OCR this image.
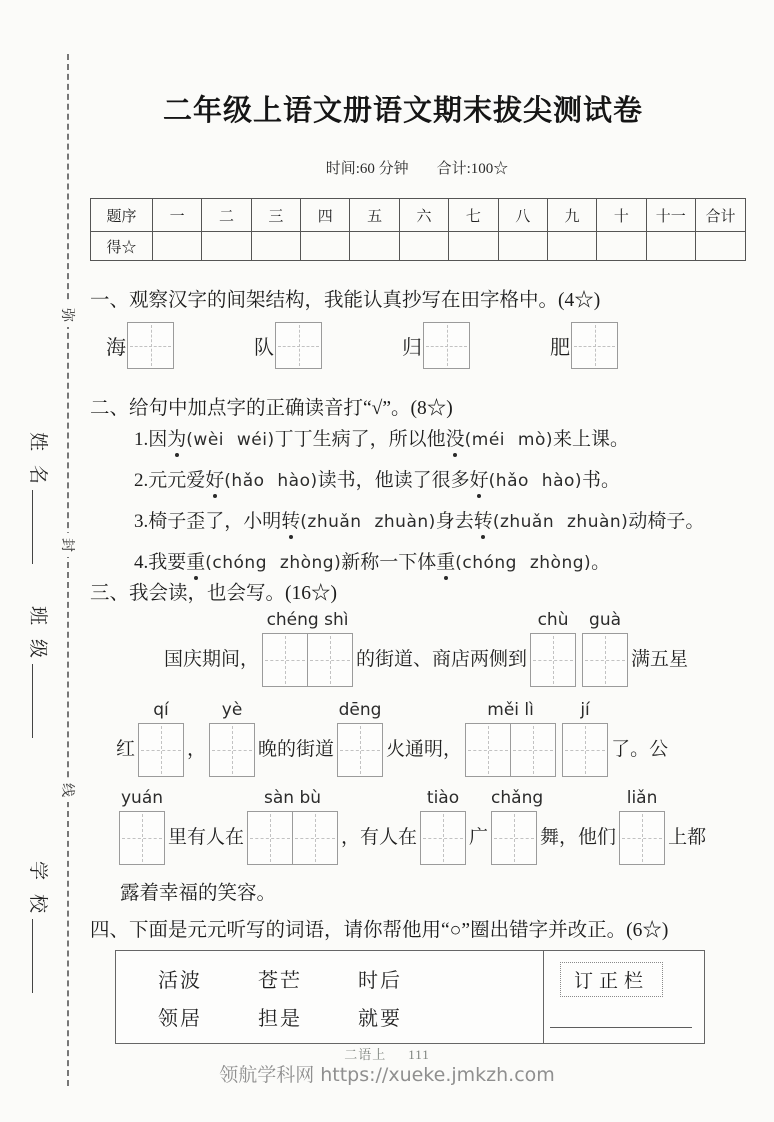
弥
封
线
姓名
班级
学校
二年级上语文册语文期末拔尖测试卷
时间:60 分钟 合计:100☆
题序	一	二	三	四	五	六	七	八	九	十	十一	合计
得☆												
一、观察汉字的间架结构，我能认真抄写在田字格中。(4☆)
海	队	归	肥
二、给句中加点字的正确读音打“√”。(8☆)
1.因为(wèi wéi)丁丁生病了，所以他没(méi mò)来上课。
2.元元爱好(hǎo hào)读书，他读了很多好(hǎo hào)书。
3.椅子歪了，小明转(zhuǎn zhuàn)身去转(zhuǎn zhuàn)动椅子。
4.我要重(chóng zhòng)新称一下体重(chóng zhòng)。
三、我会读，也会写。(16☆)
国庆期间，
chéng shì
的街道、商店两侧到
chù	guà
满五星
红
qí
，
yè
晚的街道
dēng
火通明，
měi lì	jí
了。公
yuán
里有人在
sàn bù
，有人在
tiào
广
chǎng
舞，他们
liǎn
上都
露着幸福的笑容。
四、下面是元元听写的词语，请你帮他用“○”圈出错字并改正。(6☆)
活波	苍芒	时后
领居	担是	就要
订正栏
二语上 111
领航学科网 https://xueke.jmkzh.com
